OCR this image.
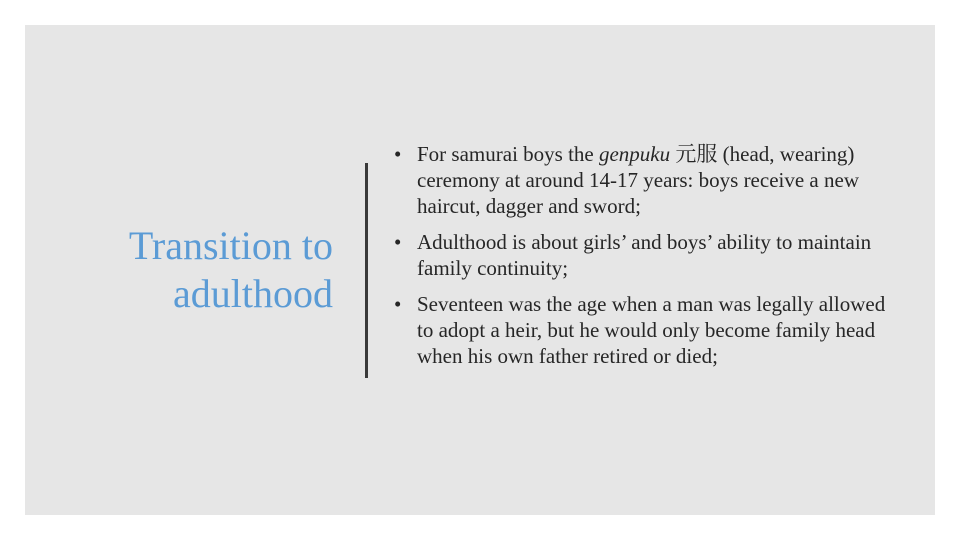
Transition to
adulthood
• For samurai boys the genpuku 元服 (head, wearing) ceremony at around 14-17 years: boys receive a new haircut, dagger and sword;
• Adulthood is about girls’ and boys’ ability to maintain family continuity;
• Seventeen was the age when a man was legally allowed to adopt a heir, but he would only become family head when his own father retired or died;
